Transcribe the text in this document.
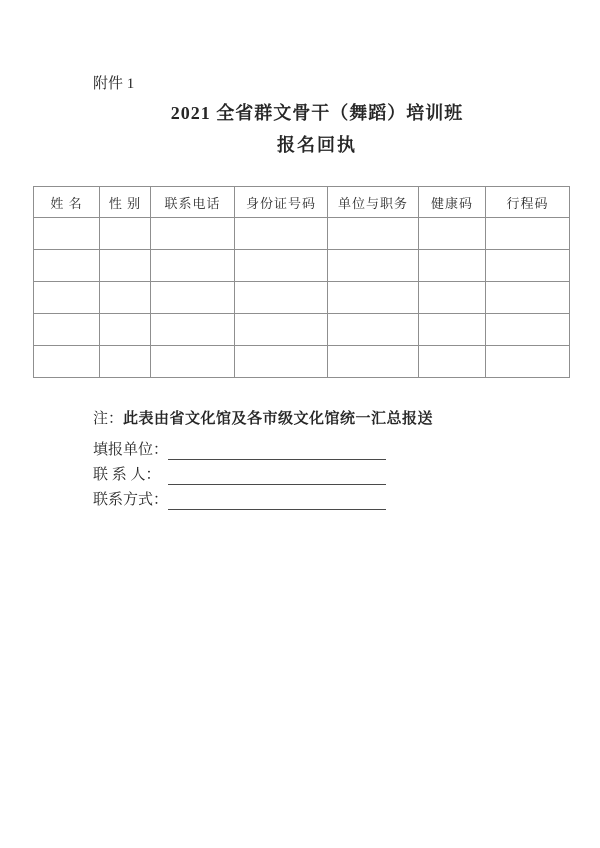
附件 1
2021 全省群文骨干（舞蹈）培训班
报名回执
姓 名	性 别	联系电话	身份证号码	单位与职务	健康码	行程码

注：此表由省文化馆及各市级文化馆统一汇总报送
填报单位：
联 系 人：
联系方式：
